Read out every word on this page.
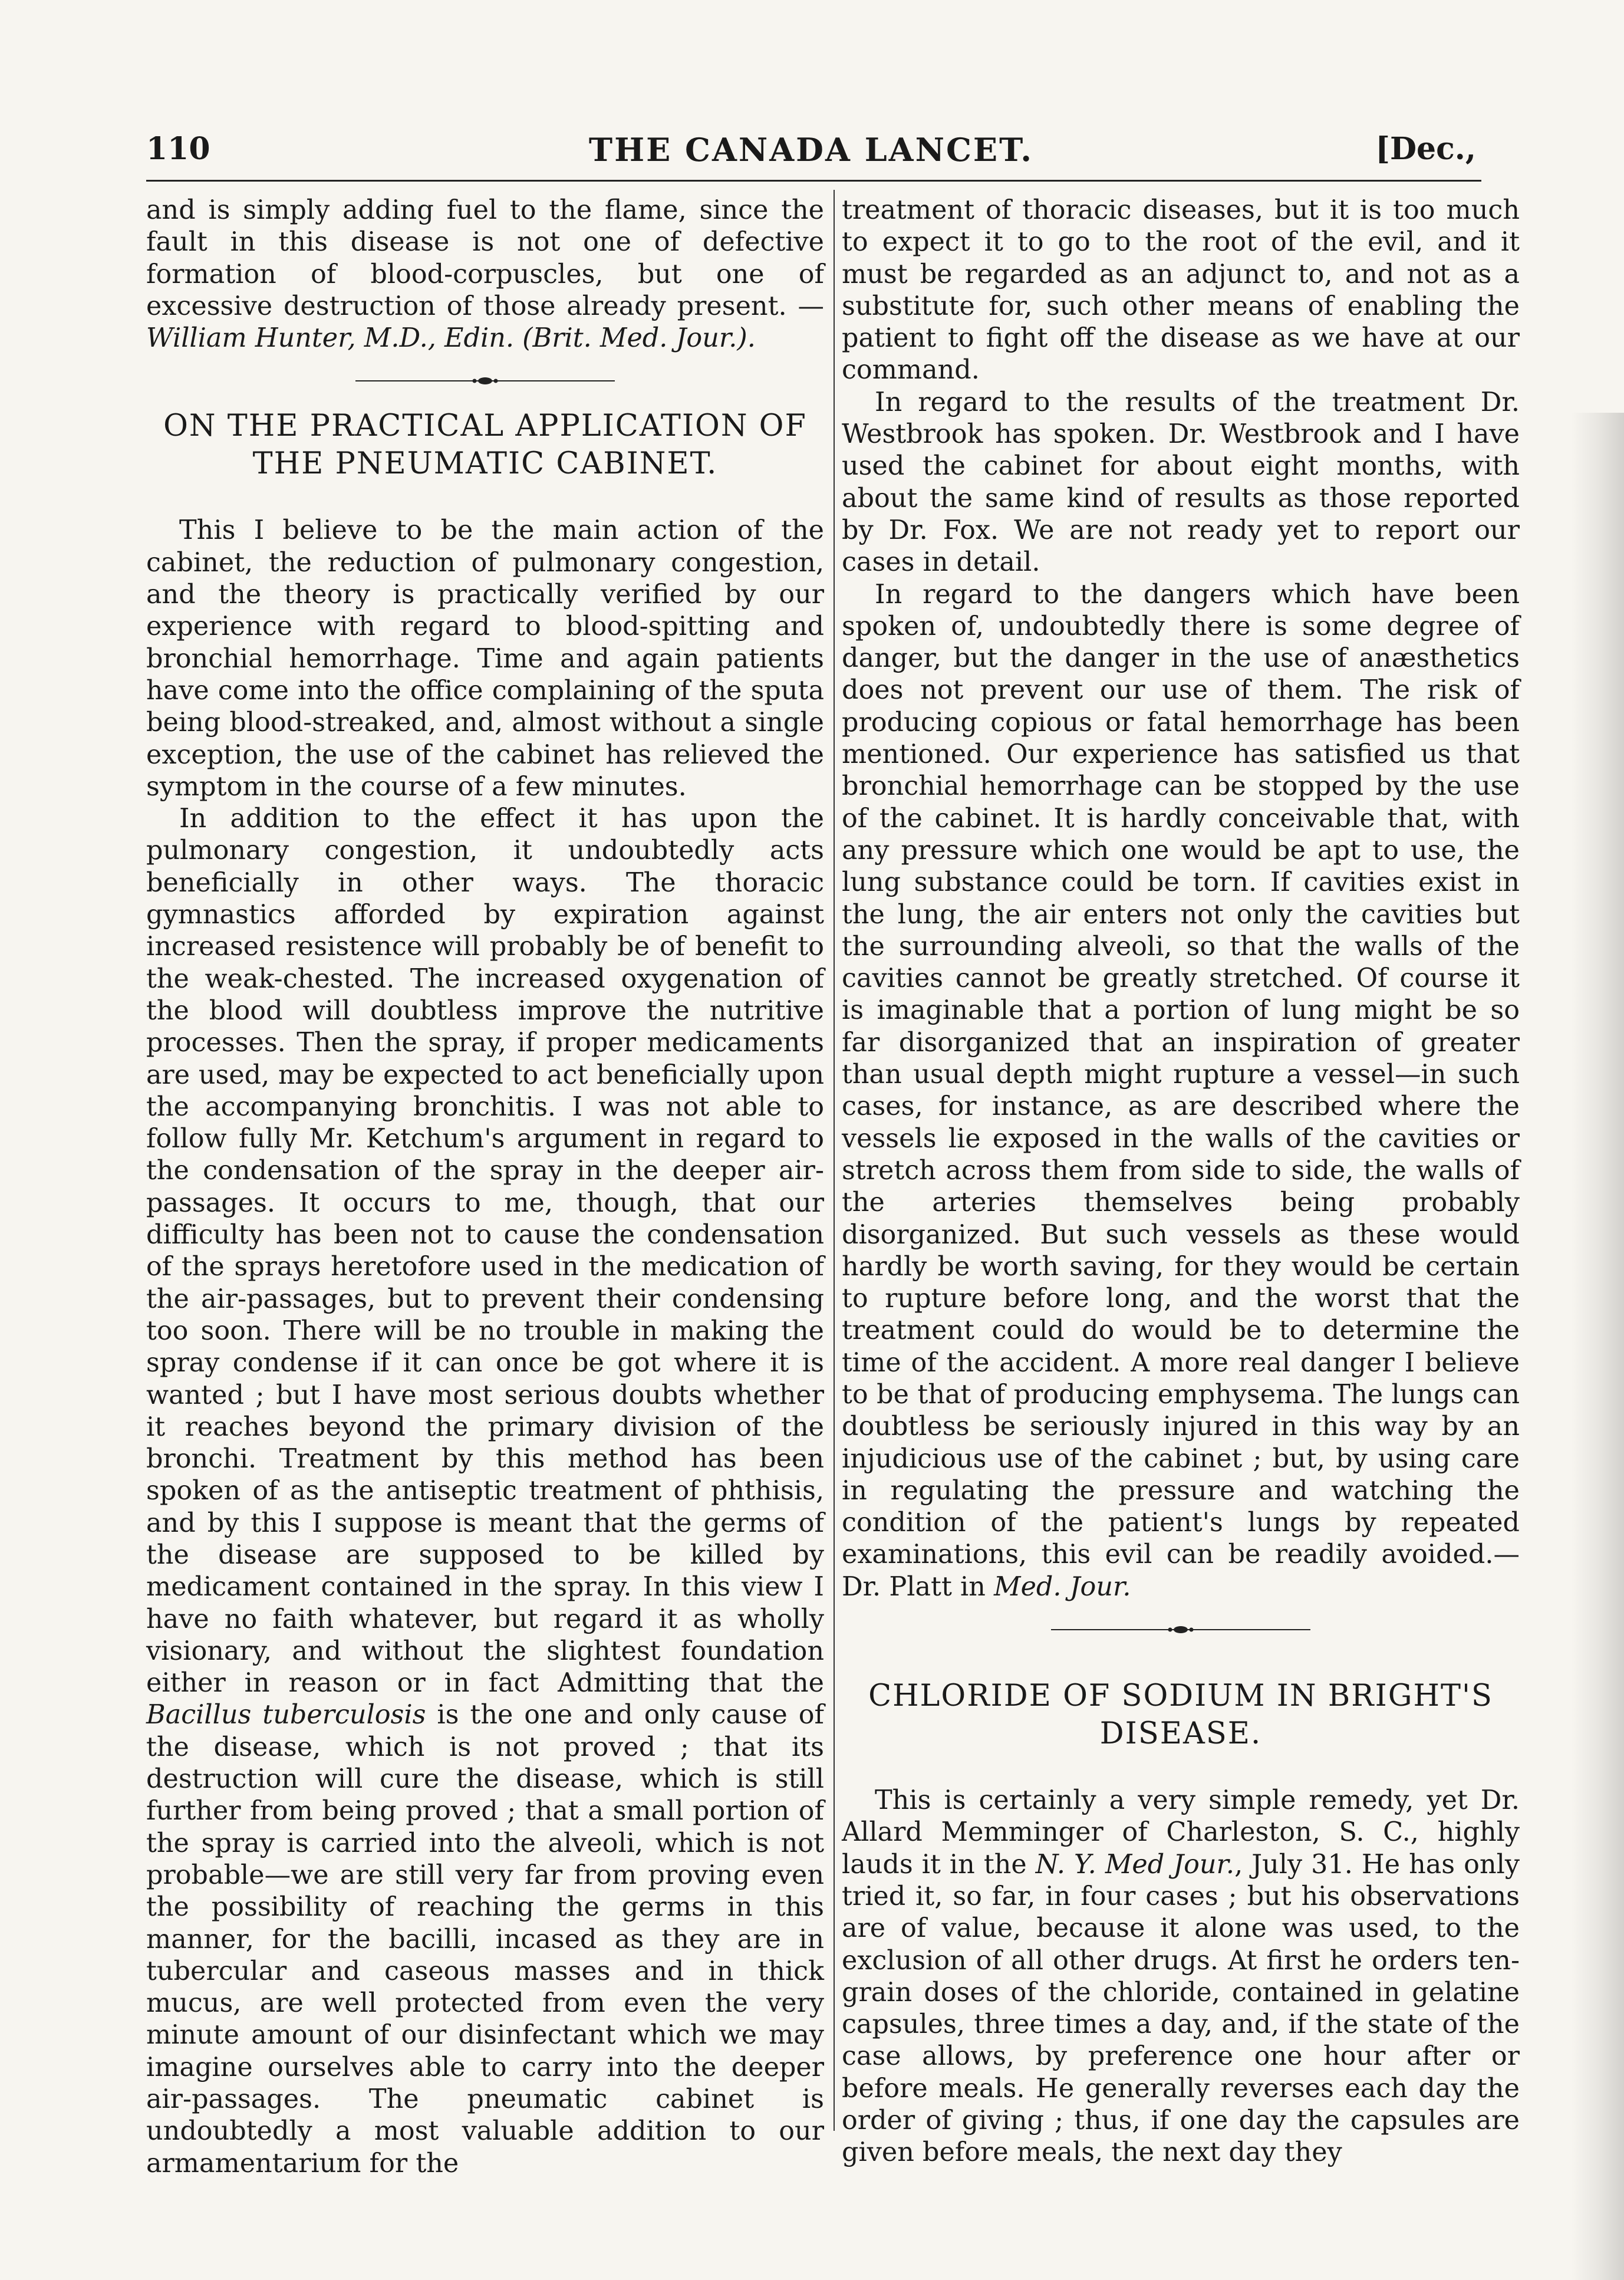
110	THE CANADA LANCET.	[Dec.,

and is simply adding fuel to the flame, since the fault in this disease is not one of defective formation of blood-corpuscles, but one of excessive destruction of those already present. — William Hunter, M.D., Edin. (Brit. Med. Jour.).

ON THE PRACTICAL APPLICATION OF THE PNEUMATIC CABINET.

This I believe to be the main action of the cabinet, the reduction of pulmonary congestion, and the theory is practically verified by our experience with regard to blood-spitting and bronchial hemorrhage. Time and again patients have come into the office complaining of the sputa being blood-streaked, and, almost without a single exception, the use of the cabinet has relieved the symptom in the course of a few minutes.

In addition to the effect it has upon the pulmonary congestion, it undoubtedly acts beneficially in other ways. The thoracic gymnastics afforded by expiration against increased resistence will probably be of benefit to the weak-chested. The increased oxygenation of the blood will doubtless improve the nutritive processes. Then the spray, if proper medicaments are used, may be expected to act beneficially upon the accompanying bronchitis. I was not able to follow fully Mr. Ketchum's argument in regard to the condensation of the spray in the deeper air-passages. It occurs to me, though, that our difficulty has been not to cause the condensation of the sprays heretofore used in the medication of the air-passages, but to prevent their condensing too soon. There will be no trouble in making the spray condense if it can once be got where it is wanted ; but I have most serious doubts whether it reaches beyond the primary division of the bronchi. Treatment by this method has been spoken of as the antiseptic treatment of phthisis, and by this I suppose is meant that the germs of the disease are supposed to be killed by medicament contained in the spray. In this view I have no faith whatever, but regard it as wholly visionary, and without the slightest foundation either in reason or in fact Admitting that the Bacillus tuberculosis is the one and only cause of the disease, which is not proved ; that its destruction will cure the disease, which is still further from being proved ; that a small portion of the spray is carried into the alveoli, which is not probable—we are still very far from proving even the possibility of reaching the germs in this manner, for the bacilli, incased as they are in tubercular and caseous masses and in thick mucus, are well protected from even the very minute amount of our disinfectant which we may imagine ourselves able to carry into the deeper air-passages. The pneumatic cabinet is undoubtedly a most valuable addition to our armamentarium for the

treatment of thoracic diseases, but it is too much to expect it to go to the root of the evil, and it must be regarded as an adjunct to, and not as a substitute for, such other means of enabling the patient to fight off the disease as we have at our command.

In regard to the results of the treatment Dr. Westbrook has spoken. Dr. Westbrook and I have used the cabinet for about eight months, with about the same kind of results as those reported by Dr. Fox. We are not ready yet to report our cases in detail.

In regard to the dangers which have been spoken of, undoubtedly there is some degree of danger, but the danger in the use of anæsthetics does not prevent our use of them. The risk of producing copious or fatal hemorrhage has been mentioned. Our experience has satisfied us that bronchial hemorrhage can be stopped by the use of the cabinet. It is hardly conceivable that, with any pressure which one would be apt to use, the lung substance could be torn. If cavities exist in the lung, the air enters not only the cavities but the surrounding alveoli, so that the walls of the cavities cannot be greatly stretched. Of course it is imaginable that a portion of lung might be so far disorganized that an inspiration of greater than usual depth might rupture a vessel—in such cases, for instance, as are described where the vessels lie exposed in the walls of the cavities or stretch across them from side to side, the walls of the arteries themselves being probably disorganized. But such vessels as these would hardly be worth saving, for they would be certain to rupture before long, and the worst that the treatment could do would be to determine the time of the accident. A more real danger I believe to be that of producing emphysema. The lungs can doubtless be seriously injured in this way by an injudicious use of the cabinet ; but, by using care in regulating the pressure and watching the condition of the patient's lungs by repeated examinations, this evil can be readily avoided.—Dr. Platt in Med. Jour.

CHLORIDE OF SODIUM IN BRIGHT'S DISEASE.

This is certainly a very simple remedy, yet Dr. Allard Memminger of Charleston, S. C., highly lauds it in the N. Y. Med Jour., July 31. He has only tried it, so far, in four cases ; but his observations are of value, because it alone was used, to the exclusion of all other drugs. At first he orders ten-grain doses of the chloride, contained in gelatine capsules, three times a day, and, if the state of the case allows, by preference one hour after or before meals. He generally reverses each day the order of giving ; thus, if one day the capsules are given before meals, the next day they
